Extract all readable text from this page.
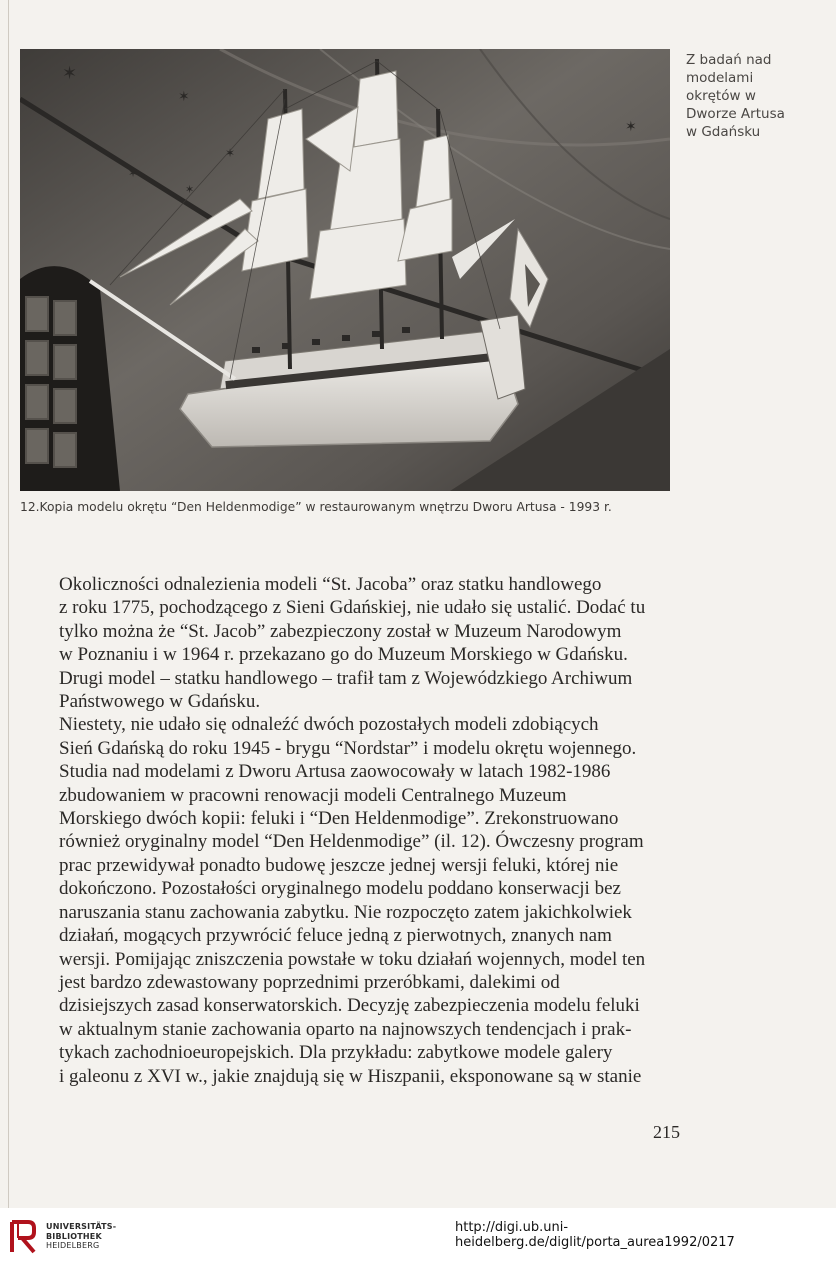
✶
✶
✶
✶
✶
✶
Z badań nad
modelami
okrętów w
Dworze Artusa
w Gdańsku
12.Kopia modelu okrętu “Den Heldenmodige” w restaurowanym wnętrzu Dworu Artusa - 1993 r.

Okoliczności odnalezienia modeli “St. Jacoba” oraz statku handlowego
z roku 1775, pochodzącego z Sieni Gdańskiej, nie udało się ustalić. Dodać tu
tylko można że “St. Jacob” zabezpieczony został w Muzeum Narodowym
w Poznaniu i w 1964 r. przekazano go do Muzeum Morskiego w Gdańsku.
Drugi model – statku handlowego – trafił tam z Wojewódzkiego Archiwum
Państwowego w Gdańsku.

Niestety, nie udało się odnaleźć dwóch pozostałych modeli zdobiących
Sień Gdańską do roku 1945 - brygu “Nordstar” i modelu okrętu wojennego.

Studia nad modelami z Dworu Artusa zaowocowały w latach 1982-1986
zbudowaniem w pracowni renowacji modeli Centralnego Muzeum
Morskiego dwóch kopii: feluki i “Den Heldenmodige”. Zrekonstruowano
również oryginalny model “Den Heldenmodige” (il. 12). Ówczesny program
prac przewidywał ponadto budowę jeszcze jednej wersji feluki, której nie
dokończono. Pozostałości oryginalnego modelu poddano konserwacji bez
naruszania stanu zachowania zabytku. Nie rozpoczęto zatem jakichkolwiek
działań, mogących przywrócić feluce jedną z pierwotnych, znanych nam
wersji. Pomijając zniszczenia powstałe w toku działań wojennych, model ten
jest bardzo zdewastowany poprzednimi przeróbkami, dalekimi od
dzisiejszych zasad konserwatorskich. Decyzję zabezpieczenia modelu feluki
w aktualnym stanie zachowania oparto na najnowszych tendencjach i prak-
tykach zachodnioeuropejskich. Dla przykładu: zabytkowe modele galery
i galeonu z XVI w., jakie znajdują się w Hiszpanii, eksponowane są w stanie

215
UNIVERSITÄTS-
BIBLIOTHEK
HEIDELBERG
http://digi.ub.uni-heidelberg.de/diglit/porta_aurea1992/0217
